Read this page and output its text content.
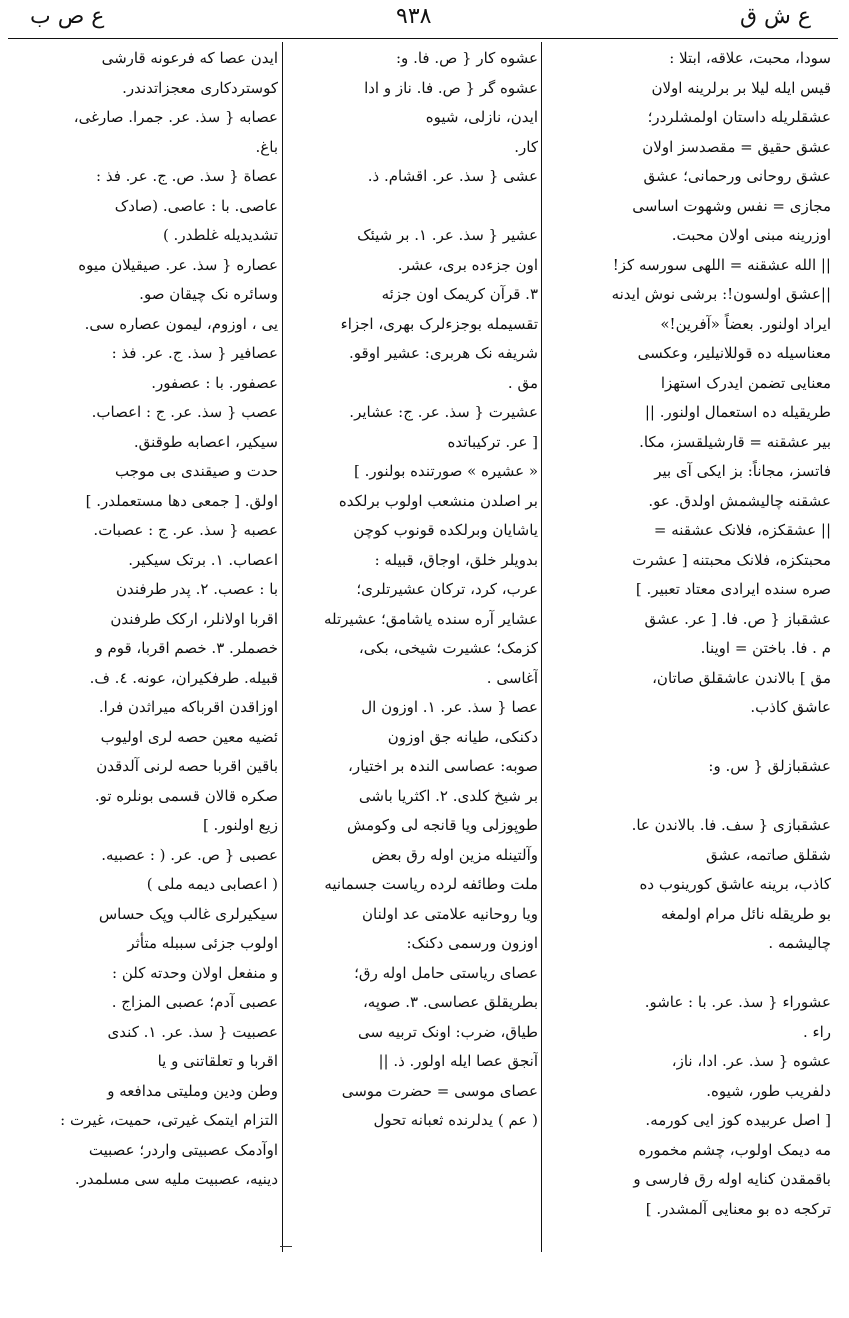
ع ش ق
۹۳۸
ع ص ب
سودا، محبت، علاقه، ابتلا :
قیس ایله لیلا بر برلرینه اولان
عشقلریله داستان اولمشلردر؛
عشق حقیق = مقصدسز اولان
عشق روحانی ورحمانی؛ عشق
مجازی = نفس وشهوت اساسی
اوزرینه مبنی اولان محبت.
|| الله عشقنه = اللهی سورسه کز!
||عشق اولسون!: برشی نوش ایدنه
ایراد اولنور. بعضاً «آفرین!»
معناسیله ده قوللانیلیر، وعکسی
معنایی تضمن ایدرک استهزا
طریقیله ده استعمال اولنور. ||
بیر عشقنه = قارشیلقسز، مکا.
فاتسز، مجاناً: بز ایکی آی بیر
عشقنه چالیشمش اولدق. عو.
|| عشقکزه، فلانک عشقنه =
محبتکزه، فلانک محبتنه [ عشرت
صره سنده ایرادی معتاد تعبیر. ]
عشقباز { ص. فا. [ عر. عشق
م . فا. باختن = اوینا.
مق ] بالاندن عاشقلق صاتان،
عاشق کاذب.
عشقبازلق { س. و:
عشقبازی { سف. فا. بالاندن عا.
شقلق صاتمه، عشق
کاذب، برینه عاشق کورینوب ده
بو طریقله نائل مرام اولمغه
چالیشمه .
عشوراء { سذ. عر. با : عاشو.
راء .
عشوه { سذ. عر. ادا، ناز،
دلفریب طور، شیوه.
[ اصل عربیده کوز ایی کورمه.
مه دیمک اولوب، چشم مخموره
باقمقدن کنایه اوله رق فارسی و
ترکجه ده بو معنایی آلمشدر. ]
عشوه کار { ص. فا. و:
عشوه گر { ص. فا. ناز و ادا
ایدن، نازلی، شیوه
کار.
عشی { سذ. عر. اقشام. ذ.
عشیر { سذ. عر. ۱. بر شیئک
اون جزءده بری، عشر.
۳. قرآن کریمک اون جزئه
تقسیمله بوجزءلرک بهری، اجزاء
شریفه نک هربری: عشیر اوقو.
مق .
عشیرت { سذ. عر. ج: عشایر.
[ عر. ترکیباتده
« عشیره » صورتنده بولنور. ]
بر اصلدن منشعب اولوب برلکده
یاشایان وبرلکده قونوب کوچن
بدویلر خلق، اوجاق، قبیله :
عرب، کرد، ترکان عشیرتلری؛
عشایر آره سنده یاشامق؛ عشیرتله
کزمک؛ عشیرت شیخی، بکی،
آغاسی .
عصا { سذ. عر. ۱. اوزون ال
دکنکی، طیانه جق اوزون
صوبه: عصاسی الندہ بر اختیار،
بر شیخ کلدی. ۲. اکثریا باشی
طوپوزلی ویا قانجه لی وکومش
وآلتینله مزین اوله رق بعض
ملت وطائفه لرده ریاست جسمانیه
ویا روحانیه علامتی عد اولنان
اوزون ورسمی دکنک:
عصای ریاستی حامل اوله رق؛
بطریقلق عصاسی. ۳. صوپه،
طیاق، ضرب: اونک تربیه سی
آنجق عصا ایله اولور. ذ. ||
عصای موسی = حضرت موسی
( عم ) یدلرنده ثعبانه تحول
ایدن عصا که فرعونه قارشی
کوستردکاری معجزاتدندر.
عصابه { سذ. عر. جمرا. صارغی،
باغ.
عصاة { سذ. ص. ج. عر. فذ :
عاصی. با : عاصی. (صادک
تشدیدیله غلطدر. )
عصاره { سذ. عر. صیقیلان میوه
وسائره نک چیقان صو.
یی ، اوزوم، لیمون عصاره سی.
عصافیر { سذ. ج. عر. فذ :
عصفور. با : عصفور.
عصب { سذ. عر. ج : اعصاب.
سیکیر، اعصابه طوقنق.
حدت و صیقندی بی موجب
اولق. [ جمعی دها مستعملدر. ]
عصبه { سذ. عر. ج : عصبات.
اعصاب. ۱. برتک سیکیر.
با : عصب. ۲. پدر طرفندن
اقربا اولانلر، ارکک طرفندن
خصملر. ۳. خصم اقربا، قوم و
قبیله. طرفکیران، عونه. ٤. ف.
اوزاقدن اقرباکه میراثدن فرا.
ئضیه معین حصه لری اولیوب
باقین اقربا حصه لرنی آلدقدن
صکره قالان قسمی بونلره تو.
زیع اولنور. ]
عصبی { ص. عر. ( : عصبیه.
( اعصابی دیمه ملی )
سیکیرلری غالب وپک حساس
اولوب جزئی سببله متأثر
و منفعل اولان وحدته کلن :
عصبی آدم؛ عصبی المزاج .
عصبیت { سذ. عر. ۱. کندی
اقربا و تعلقاتنی و یا
وطن ودین وملیتی مدافعه و
التزام ایتمک غیرتی، حمیت، غیرت :
اوآدمک عصبیتی واردر؛ عصبیت
دینیه، عصبیت ملیه سی مسلمدر.
